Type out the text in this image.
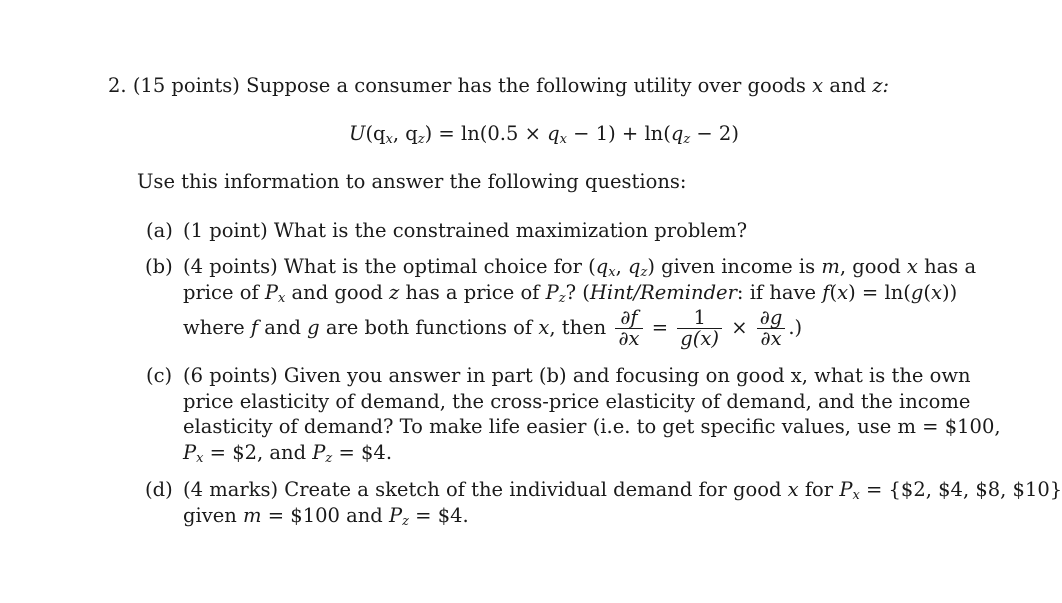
2. (15 points) Suppose a consumer has the following utility over goods x and z:
$U(q_x$, $q_z) = \ln(0.5 \times q_x - 1) + \ln(q_z - 2)$
Use this information to answer the following questions:
(a) (1 point) What is the constrained maximization problem?
(b) (4 points) What is the optimal choice for ($q_x$, $q_z$) given income is m, good x has a
price of $P_x$ and good z has a price of $P_z$? (Hint/Reminder: if have f(x) = ln(g(x))
where f and g are both functions of x, then $\frac{\partial f}{\partial x} = \frac{1}{g(x)} \times \frac{\partial g}{\partial x}$ .)
(c) (6 points) Given you answer in part (b) and focusing on good x, what is the own
price elasticity of demand, the cross-price elasticity of demand, and the income
elasticity of demand? To make life easier (i.e. to get specific values, use m = $100,
$P_x$ = $2, and $P_z$ = $4.
(d) (4 marks) Create a sketch of the individual demand for good x for $P_x$ = {$2, $4, $8, $10}
given m = $100 and $P_z$ = $4.
